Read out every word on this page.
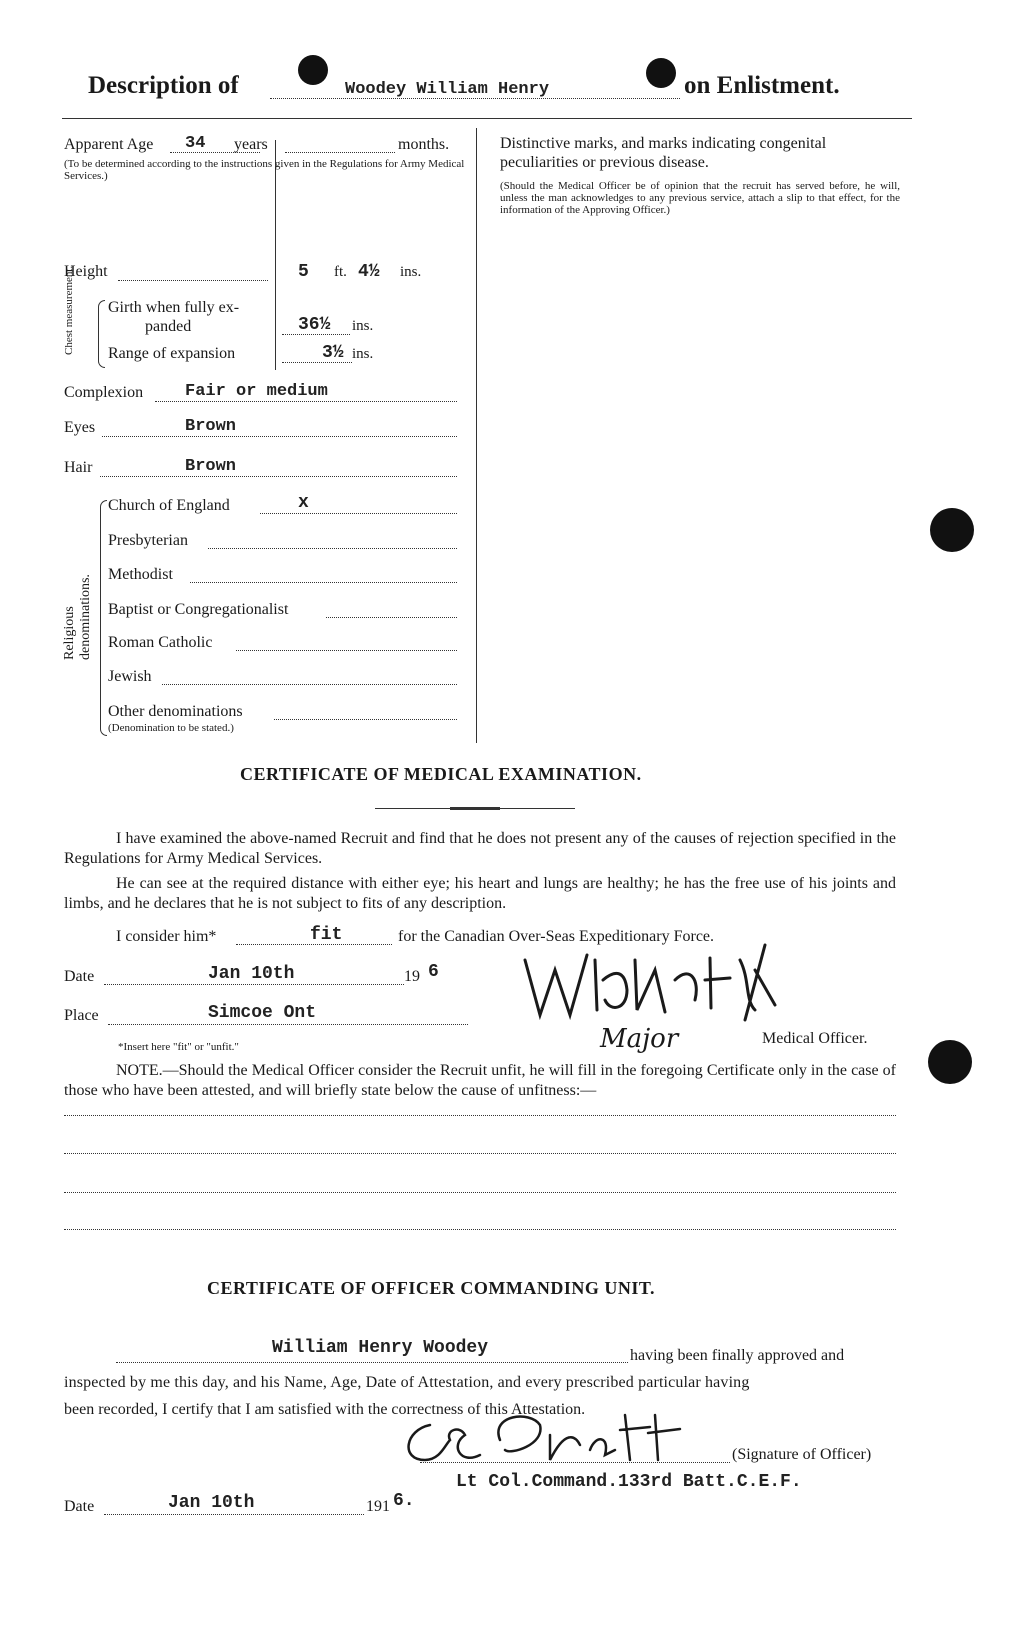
Description of	Woodey William Henry	on Enlistment.
Apparent Age 34 years	months.
(To be determined according to the instructions given in the Regulations for Army Medical Services.)
Height	5 ft. 4½ ins.
Chest measurement. Girth when fully ex-
panded	36½ ins.
Range of expansion	3½ ins.
Complexion Fair or medium
Eyes	Brown
Hair	Brown
Religious denominations.
Church of England	x
Presbyterian
Methodist
Baptist or Congregationalist
Roman Catholic
Jewish
Other denominations
(Denomination to be stated.)
Distinctive marks, and marks indicating congenital peculiarities or previous disease.
(Should the Medical Officer be of opinion that the recruit has served before, he will, unless the man acknowledges to any previous service, attach a slip to that effect, for the information of the Approving Officer.)
CERTIFICATE OF MEDICAL EXAMINATION.
I have examined the above-named Recruit and find that he does not present any of the causes of rejection specified in the Regulations for Army Medical Services.
He can see at the required distance with either eye; his heart and lungs are healthy; he has the free use of his joints and limbs, and he declares that he is not subject to fits of any description.
I consider him*	fit	for the Canadian Over-Seas Expeditionary Force.
Date	Jan 10th	19 6
Place	Simcoe Ont
Major	Medical Officer.
*Insert here "fit" or "unfit."
NOTE.—Should the Medical Officer consider the Recruit unfit, he will fill in the foregoing Certificate only in the case of those who have been attested, and will briefly state below the cause of unfitness:—
CERTIFICATE OF OFFICER COMMANDING UNIT.
William Henry Woodey	having been finally approved and
inspected by me this day, and his Name, Age, Date of Attestation, and every prescribed particular having
been recorded, I certify that I am satisfied with the correctness of this Attestation.
(Signature of Officer)
Lt Col.Command.133rd Batt.C.E.F.
Date	Jan 10th	191 6.
